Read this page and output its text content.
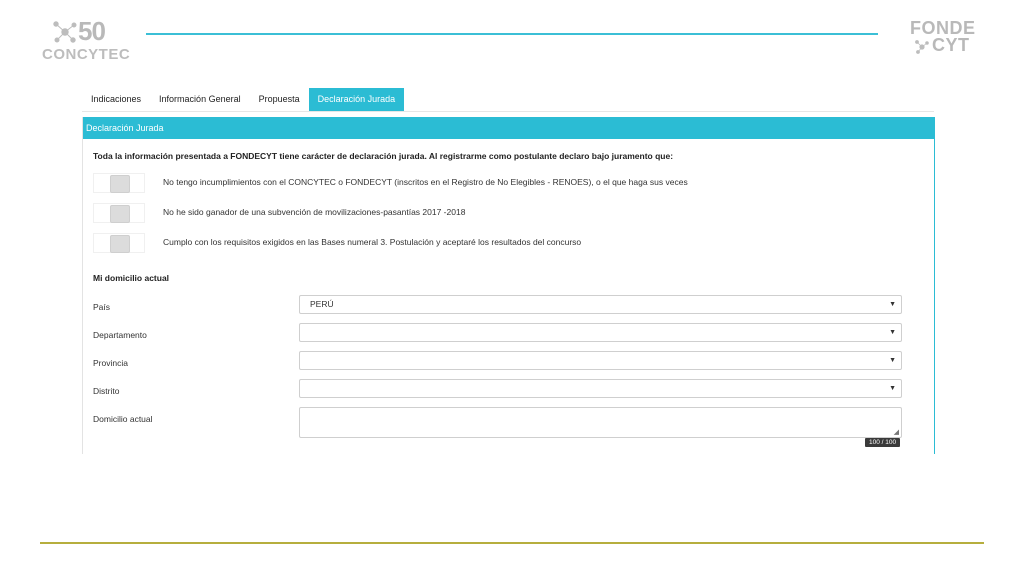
50
CONCYTEC
FONDE
CYT
Indicaciones	Información General	Propuesta	Declaración Jurada
Declaración Jurada
Toda la información presentada a FONDECYT tiene carácter de declaración jurada. Al registrarme como postulante declaro bajo juramento que:
No tengo incumplimientos con el CONCYTEC o FONDECYT (inscritos en el Registro de No Elegibles - RENOES), o el que haga sus veces
No he sido ganador de una subvención de movilizaciones-pasantías 2017 -2018
Cumplo con los requisitos exigidos en las Bases numeral 3. Postulación y aceptaré los resultados del concurso
Mi domicilio actual
País	PERÚ	▼
Departamento	▼
Provincia	▼
Distrito	▼
Domicilio actual
◢
100 / 100
